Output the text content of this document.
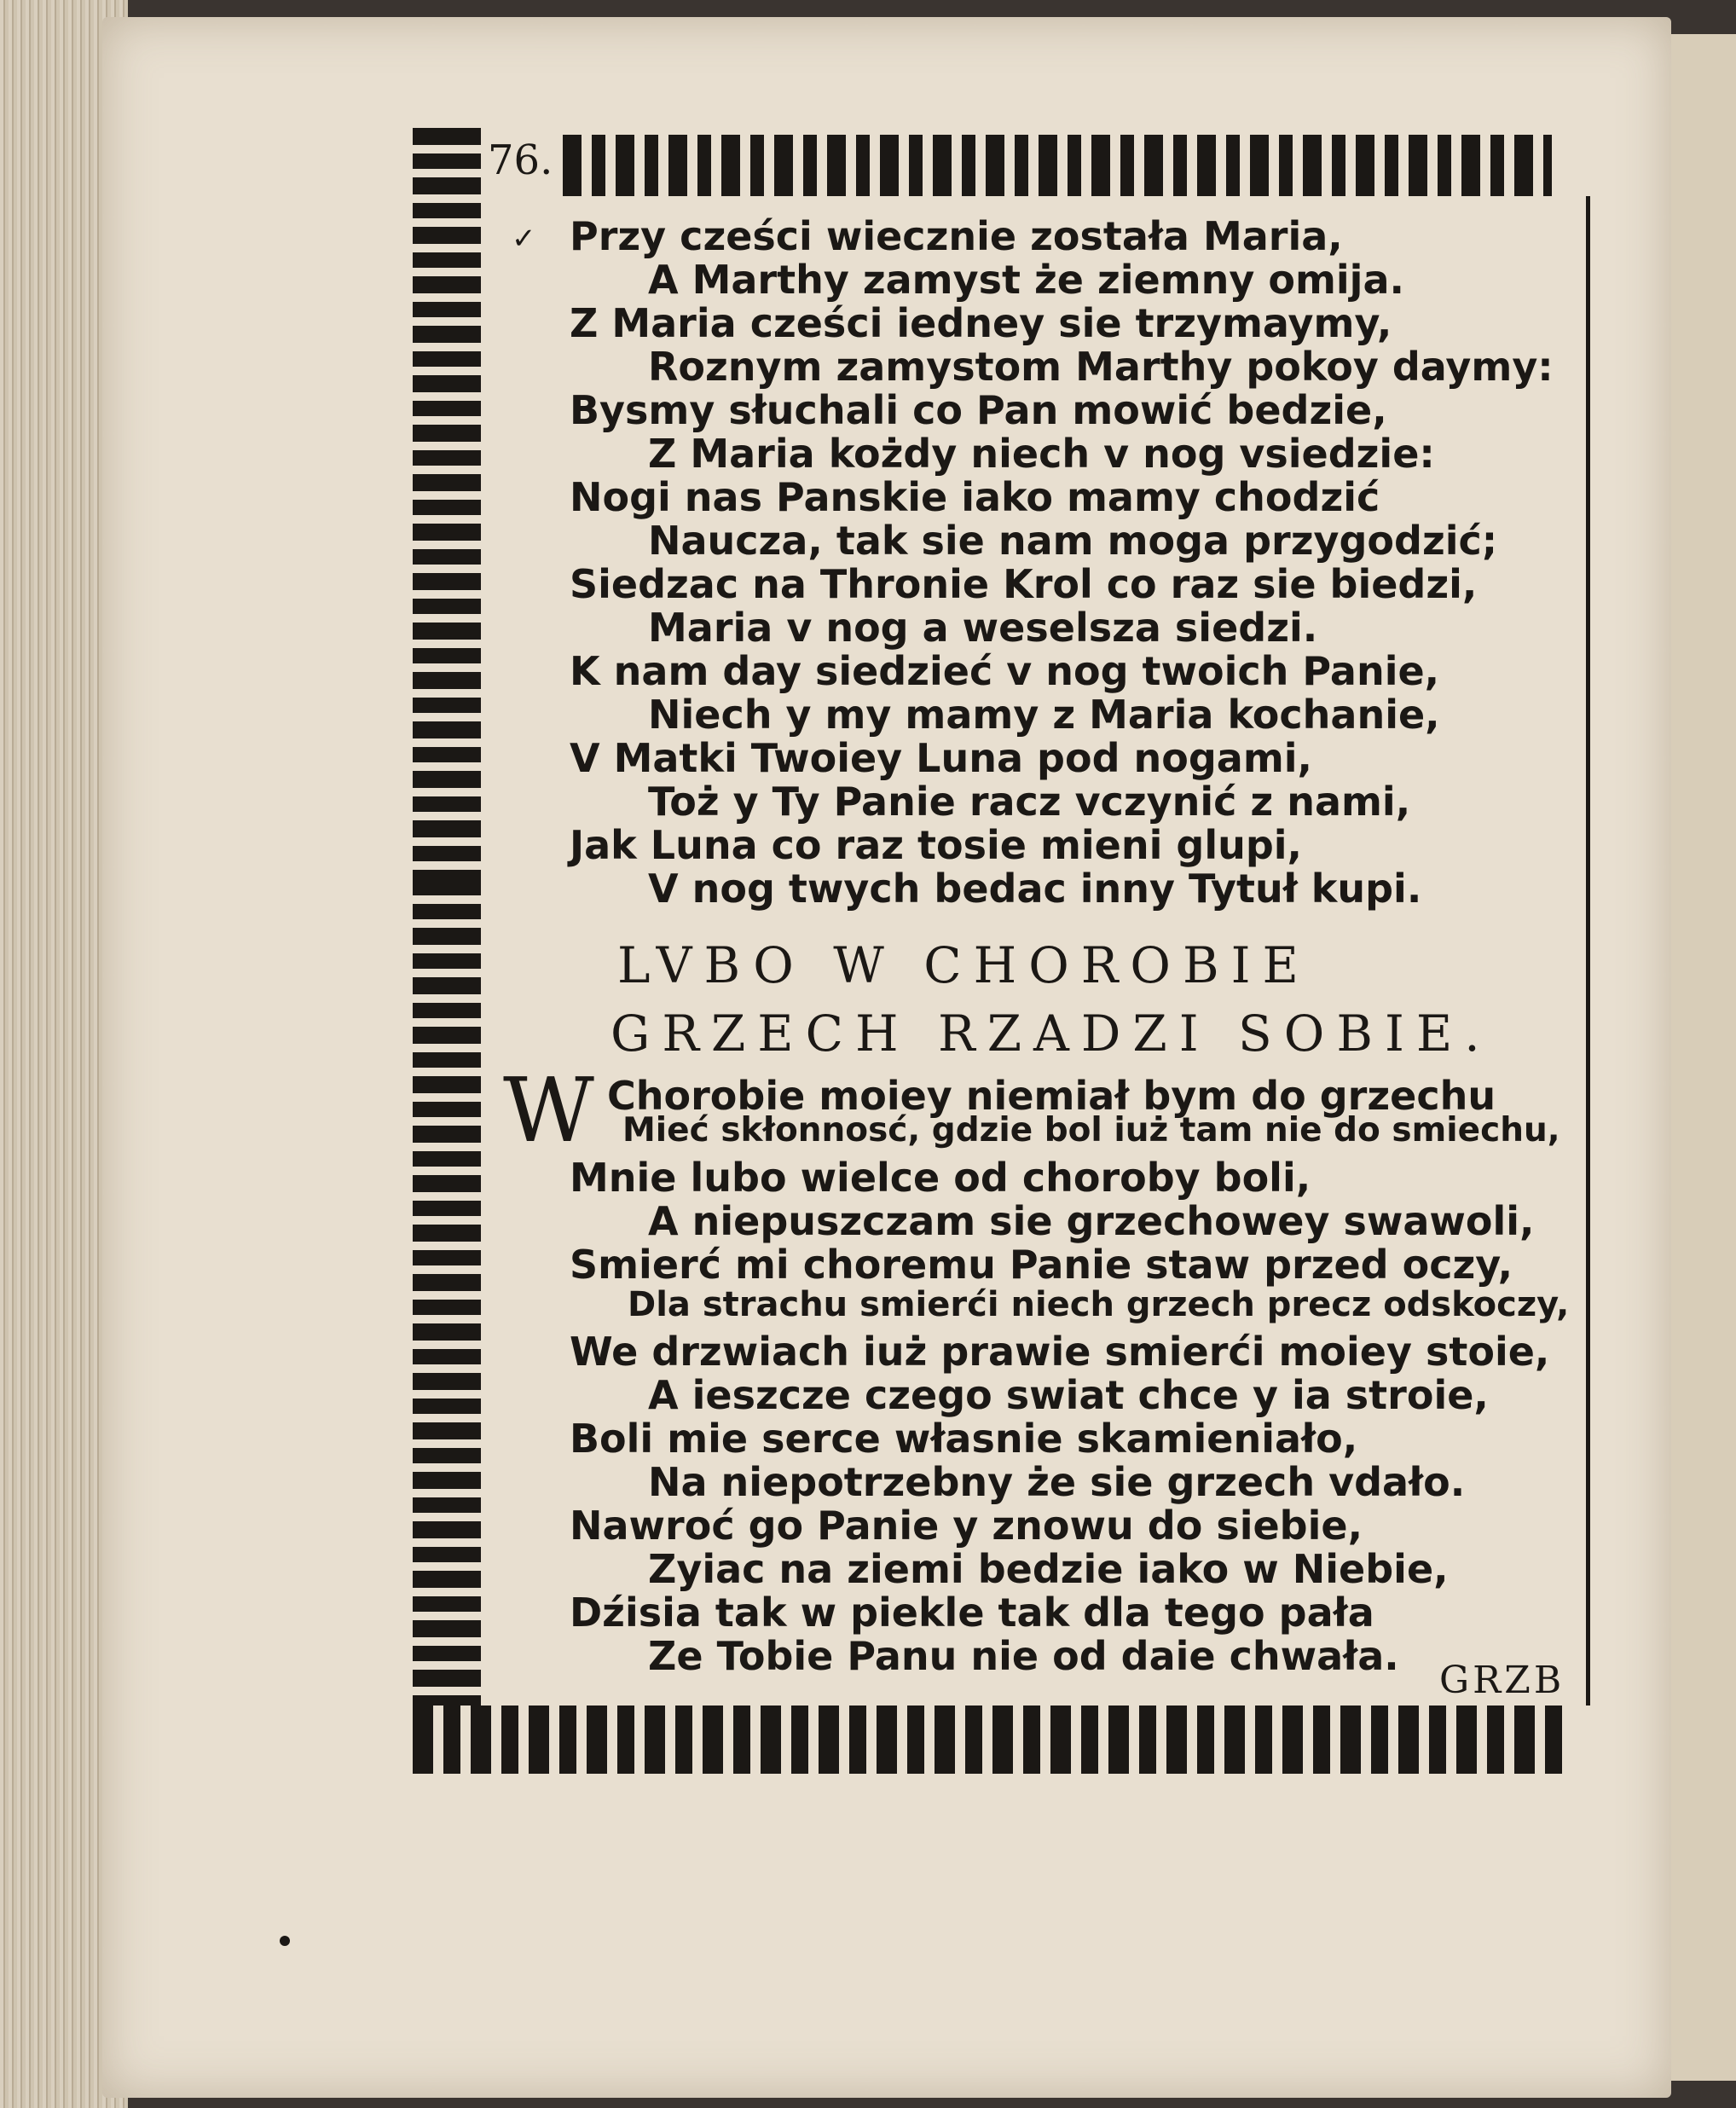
76.
✓ Przy cześci wiecznie została Maria,
A Marthy zamyst że ziemny omija.
Z Maria cześci iedney sie trzymaymy,
Roznym zamystom Marthy pokoy daymy:
Bysmy słuchali co Pan mowić bedzie,
Z Maria kożdy niech v nog vsiedzie:
Nogi nas Panskie iako mamy chodzić
Naucza, tak sie nam moga przygodzić;
Siedzac na Thronie Krol co raz sie biedzi,
Maria v nog a weselsza siedzi.
K nam day siedzieć v nog twoich Panie,
Niech y my mamy z Maria kochanie,
V Matki Twoiey Luna pod nogami,
Toż y Ty Panie racz vczynić z nami,
Jak Luna co raz tosie mieni glupi,
V nog twych bedac inny Tytuł kupi.
LVBO W CHOROBIE
GRZECH RZADZI SOBIE.
W Chorobie moiey niemiał bym do grzechu
Mieć skłonnosć, gdzie bol iuż tam nie do smiechu,
Mnie lubo wielce od choroby boli,
A niepuszczam sie grzechowey swawoli,
Smierć mi choremu Panie staw przed oczy,
Dla strachu smierći niech grzech precz odskoczy,
We drzwiach iuż prawie smierći moiey stoie,
A ieszcze czego swiat chce y ia stroie,
Boli mie serce własnie skamieniało,
Na niepotrzebny że sie grzech vdało.
Nawroć go Panie y znowu do siebie,
Zyiac na ziemi bedzie iako w Niebie,
Dźisia tak w piekle tak dla tego pała
Ze Tobie Panu nie od daie chwała.
GRZB
